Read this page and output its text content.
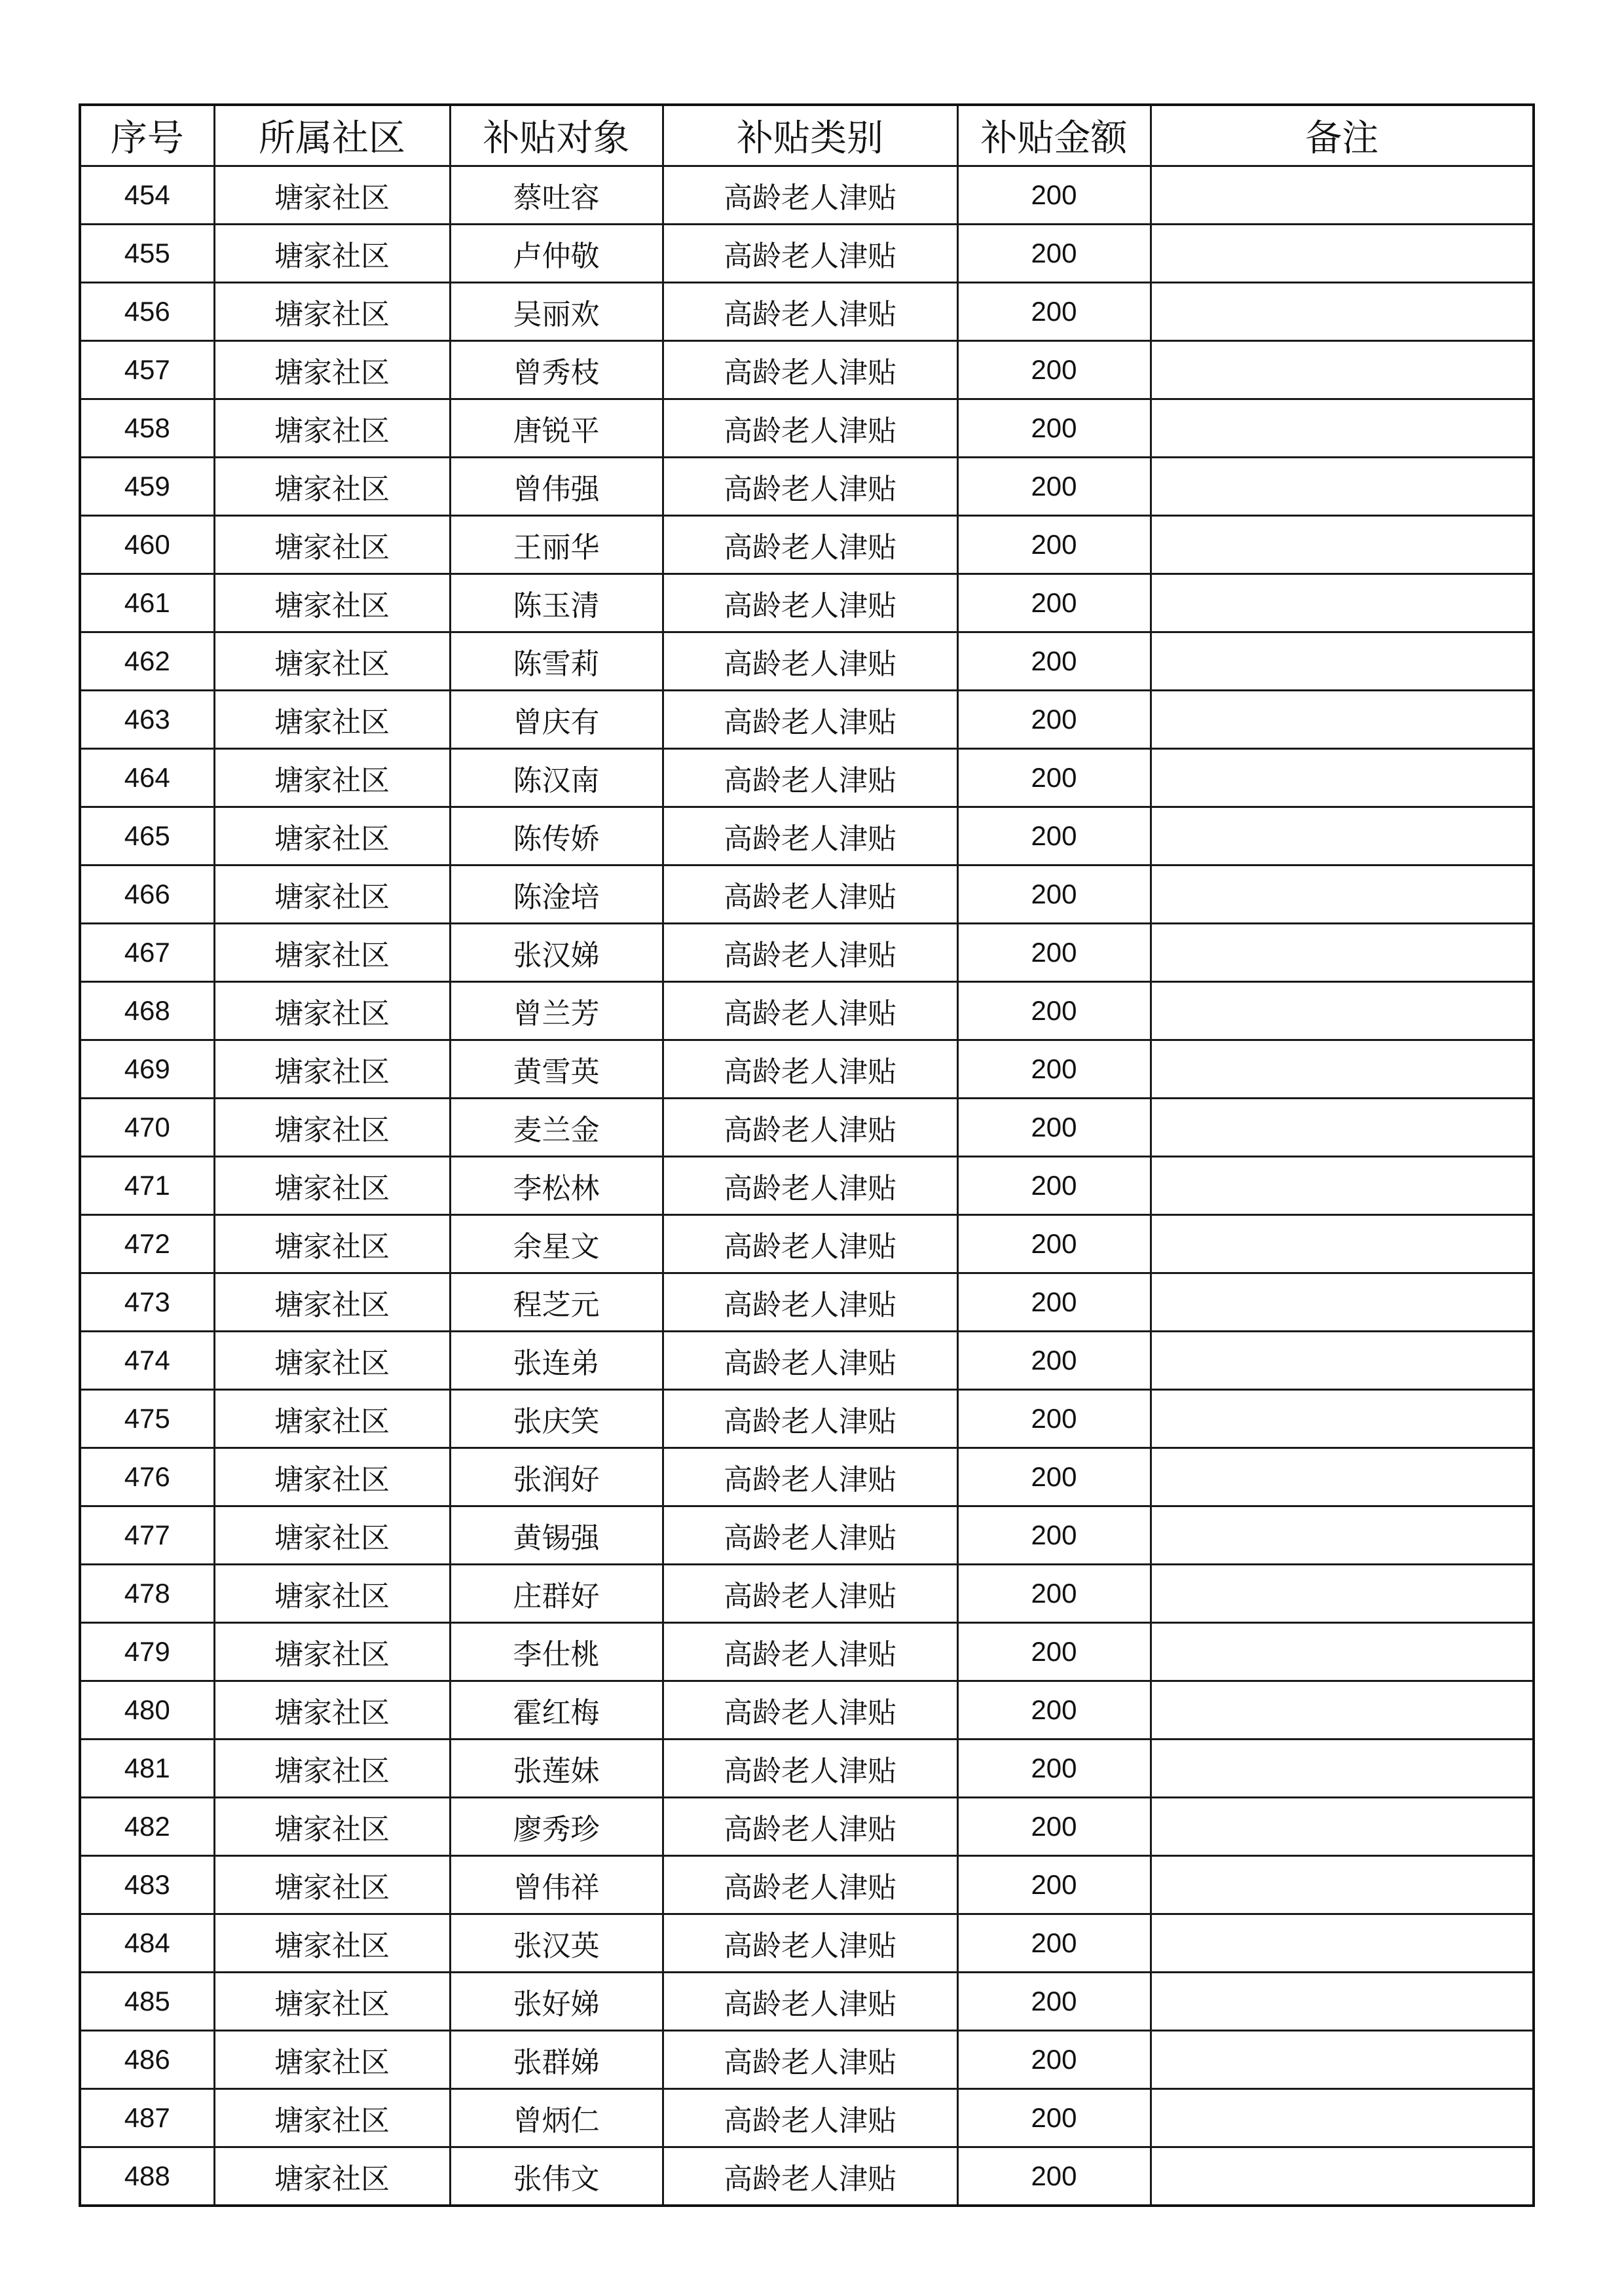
序号	所属社区	补贴对象	补贴类别	补贴金额	备注
454	塘家社区	蔡吐容	高龄老人津贴	200	
455	塘家社区	卢仲敬	高龄老人津贴	200	
456	塘家社区	吴丽欢	高龄老人津贴	200	
457	塘家社区	曾秀枝	高龄老人津贴	200	
458	塘家社区	唐锐平	高龄老人津贴	200	
459	塘家社区	曾伟强	高龄老人津贴	200	
460	塘家社区	王丽华	高龄老人津贴	200	
461	塘家社区	陈玉清	高龄老人津贴	200	
462	塘家社区	陈雪莉	高龄老人津贴	200	
463	塘家社区	曾庆有	高龄老人津贴	200	
464	塘家社区	陈汉南	高龄老人津贴	200	
465	塘家社区	陈传娇	高龄老人津贴	200	
466	塘家社区	陈淦培	高龄老人津贴	200	
467	塘家社区	张汉娣	高龄老人津贴	200	
468	塘家社区	曾兰芳	高龄老人津贴	200	
469	塘家社区	黄雪英	高龄老人津贴	200	
470	塘家社区	麦兰金	高龄老人津贴	200	
471	塘家社区	李松林	高龄老人津贴	200	
472	塘家社区	余星文	高龄老人津贴	200	
473	塘家社区	程芝元	高龄老人津贴	200	
474	塘家社区	张连弟	高龄老人津贴	200	
475	塘家社区	张庆笑	高龄老人津贴	200	
476	塘家社区	张润好	高龄老人津贴	200	
477	塘家社区	黄锡强	高龄老人津贴	200	
478	塘家社区	庄群好	高龄老人津贴	200	
479	塘家社区	李仕桃	高龄老人津贴	200	
480	塘家社区	霍红梅	高龄老人津贴	200	
481	塘家社区	张莲妹	高龄老人津贴	200	
482	塘家社区	廖秀珍	高龄老人津贴	200	
483	塘家社区	曾伟祥	高龄老人津贴	200	
484	塘家社区	张汉英	高龄老人津贴	200	
485	塘家社区	张好娣	高龄老人津贴	200	
486	塘家社区	张群娣	高龄老人津贴	200	
487	塘家社区	曾炳仁	高龄老人津贴	200	
488	塘家社区	张伟文	高龄老人津贴	200	
